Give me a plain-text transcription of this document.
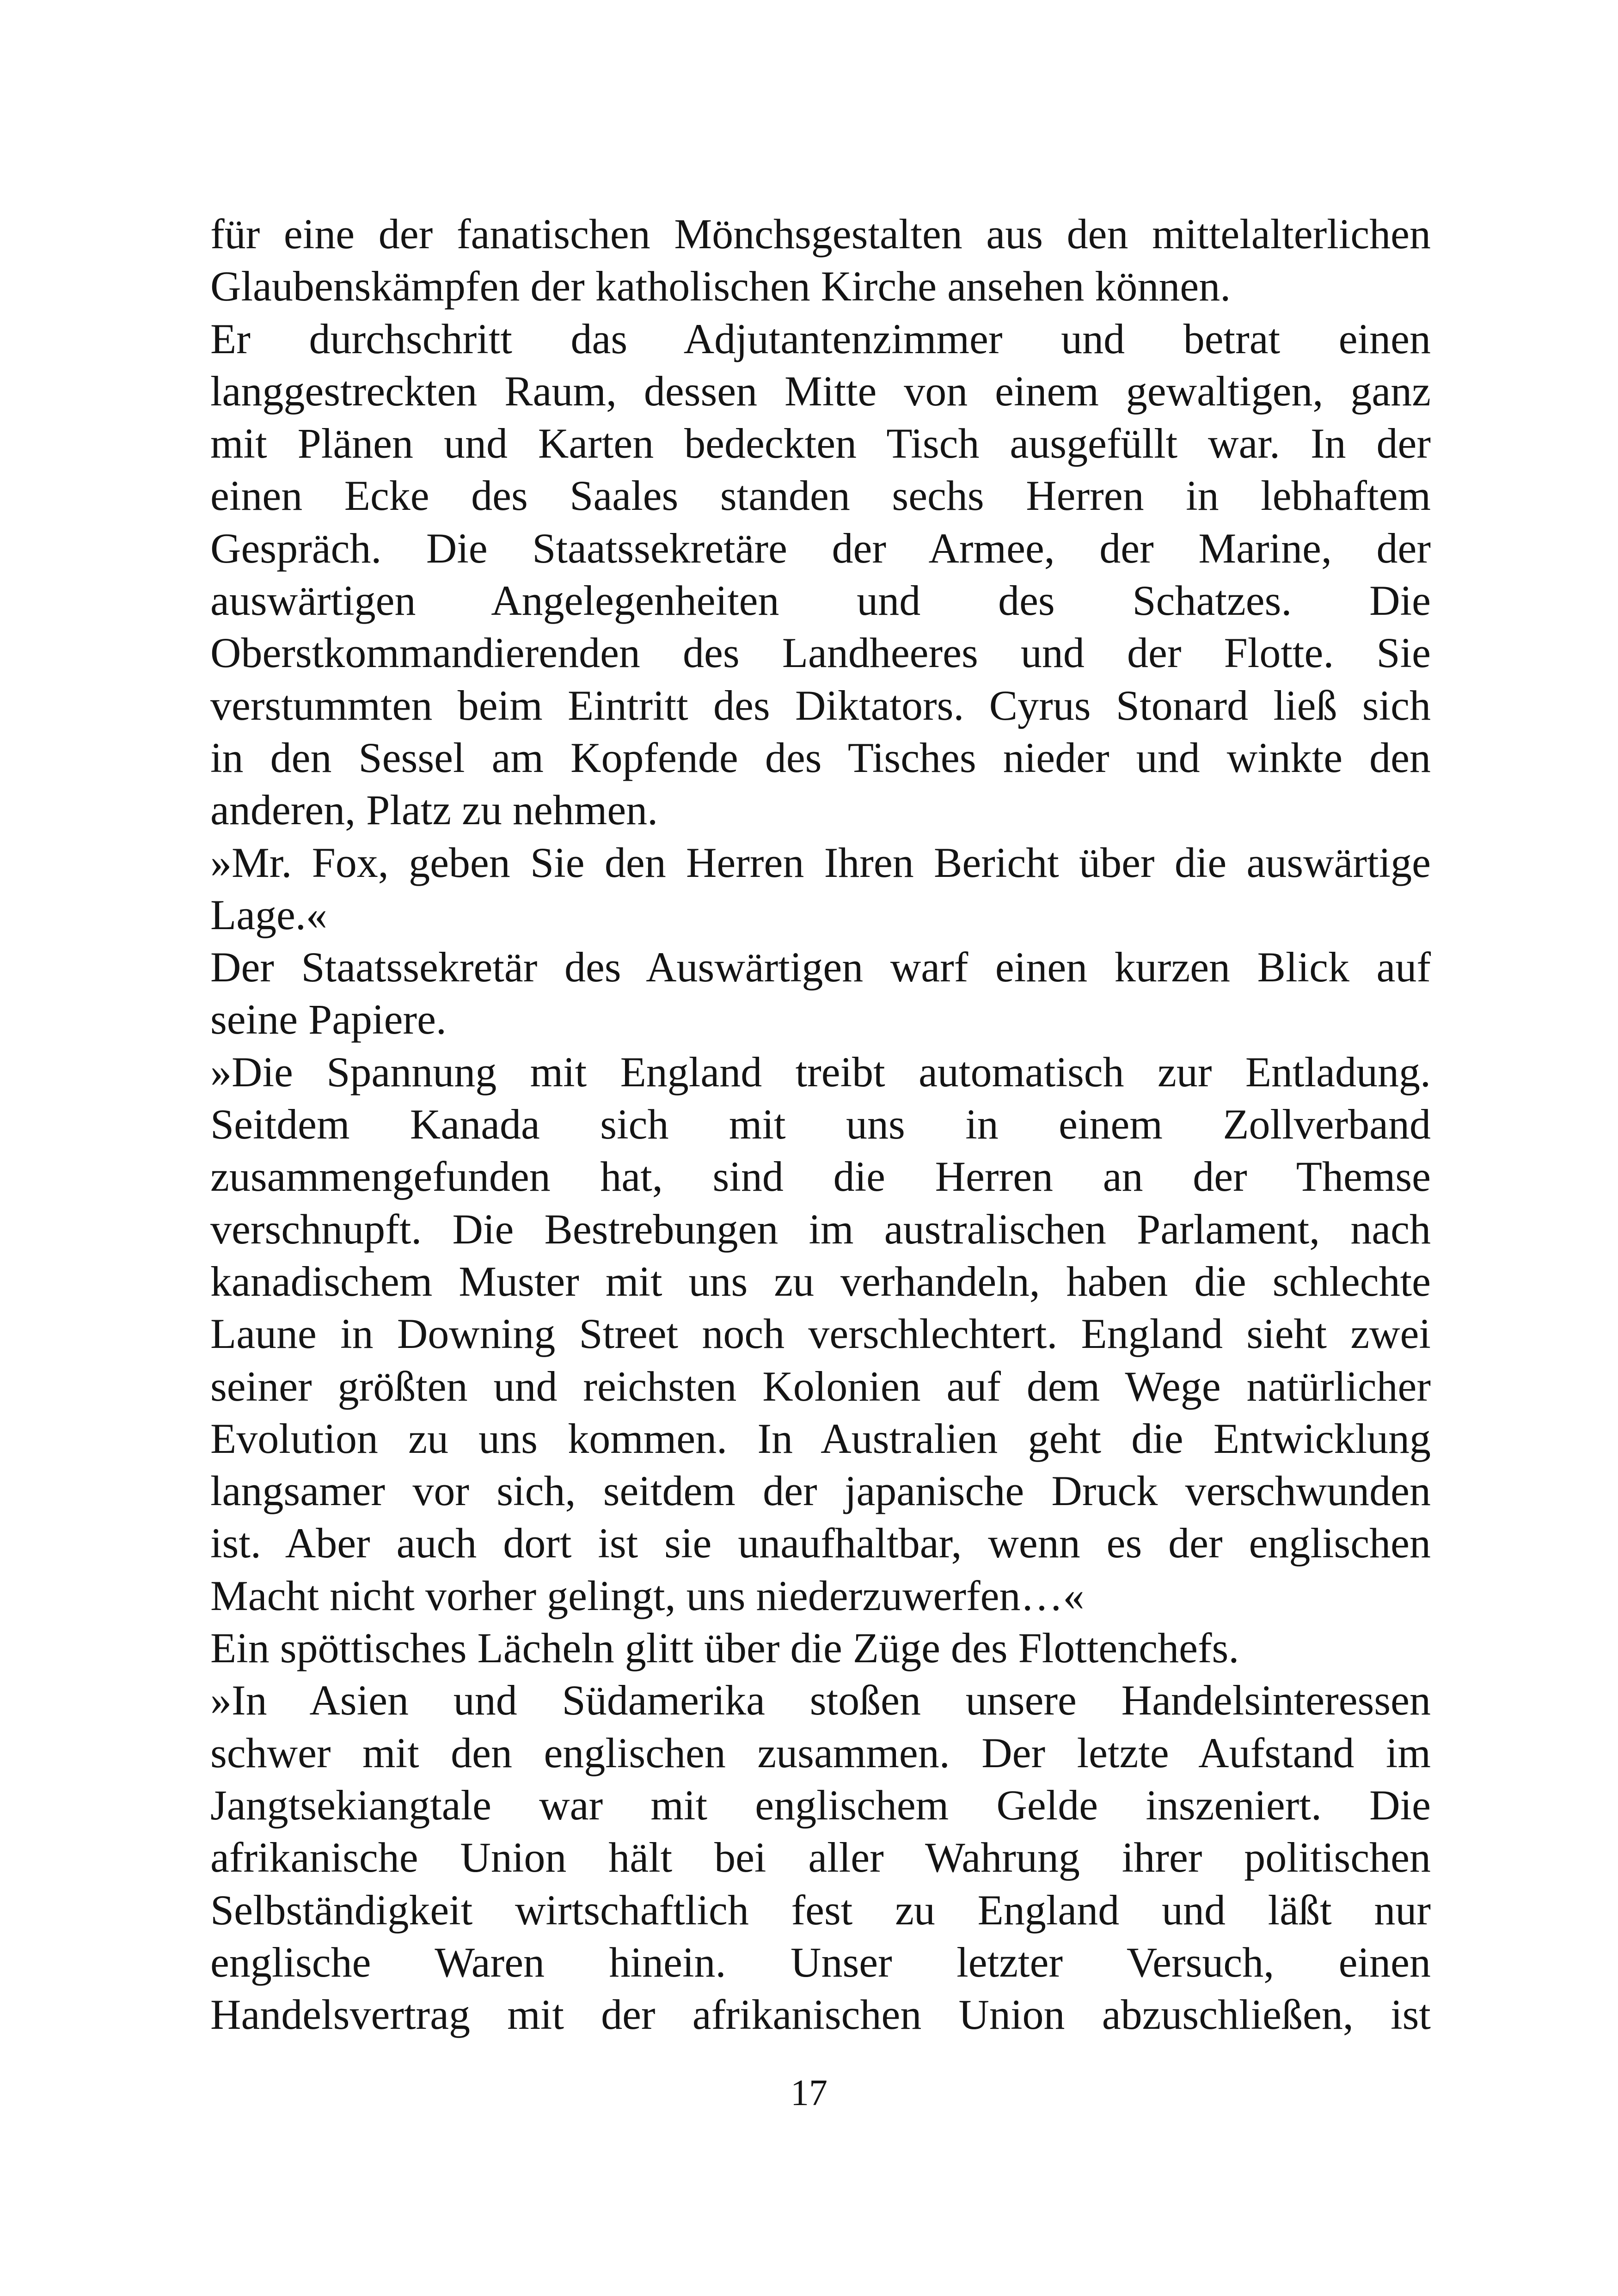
für eine der fanatischen Mönchsgestalten aus den mittelalterlichen
Glaubenskämpfen der katholischen Kirche ansehen können.
Er durchschritt das Adjutantenzimmer und betrat einen
langgestreckten Raum, dessen Mitte von einem gewaltigen, ganz
mit Plänen und Karten bedeckten Tisch ausgefüllt war. In der
einen Ecke des Saales standen sechs Herren in lebhaftem
Gespräch. Die Staatssekretäre der Armee, der Marine, der
auswärtigen Angelegenheiten und des Schatzes. Die
Oberstkommandierenden des Landheeres und der Flotte. Sie
verstummten beim Eintritt des Diktators. Cyrus Stonard ließ sich
in den Sessel am Kopfende des Tisches nieder und winkte den
anderen, Platz zu nehmen.
»Mr. Fox, geben Sie den Herren Ihren Bericht über die auswärtige
Lage.«
Der Staatssekretär des Auswärtigen warf einen kurzen Blick auf
seine Papiere.
»Die Spannung mit England treibt automatisch zur Entladung.
Seitdem Kanada sich mit uns in einem Zollverband
zusammengefunden hat, sind die Herren an der Themse
verschnupft. Die Bestrebungen im australischen Parlament, nach
kanadischem Muster mit uns zu verhandeln, haben die schlechte
Laune in Downing Street noch verschlechtert. England sieht zwei
seiner größten und reichsten Kolonien auf dem Wege natürlicher
Evolution zu uns kommen. In Australien geht die Entwicklung
langsamer vor sich, seitdem der japanische Druck verschwunden
ist. Aber auch dort ist sie unaufhaltbar, wenn es der englischen
Macht nicht vorher gelingt, uns niederzuwerfen…«
Ein spöttisches Lächeln glitt über die Züge des Flottenchefs.
»In Asien und Südamerika stoßen unsere Handelsinteressen
schwer mit den englischen zusammen. Der letzte Aufstand im
Jangtsekiangtale war mit englischem Gelde inszeniert. Die
afrikanische Union hält bei aller Wahrung ihrer politischen
Selbständigkeit wirtschaftlich fest zu England und läßt nur
englische Waren hinein. Unser letzter Versuch, einen
Handelsvertrag mit der afrikanischen Union abzuschließen, ist
17
